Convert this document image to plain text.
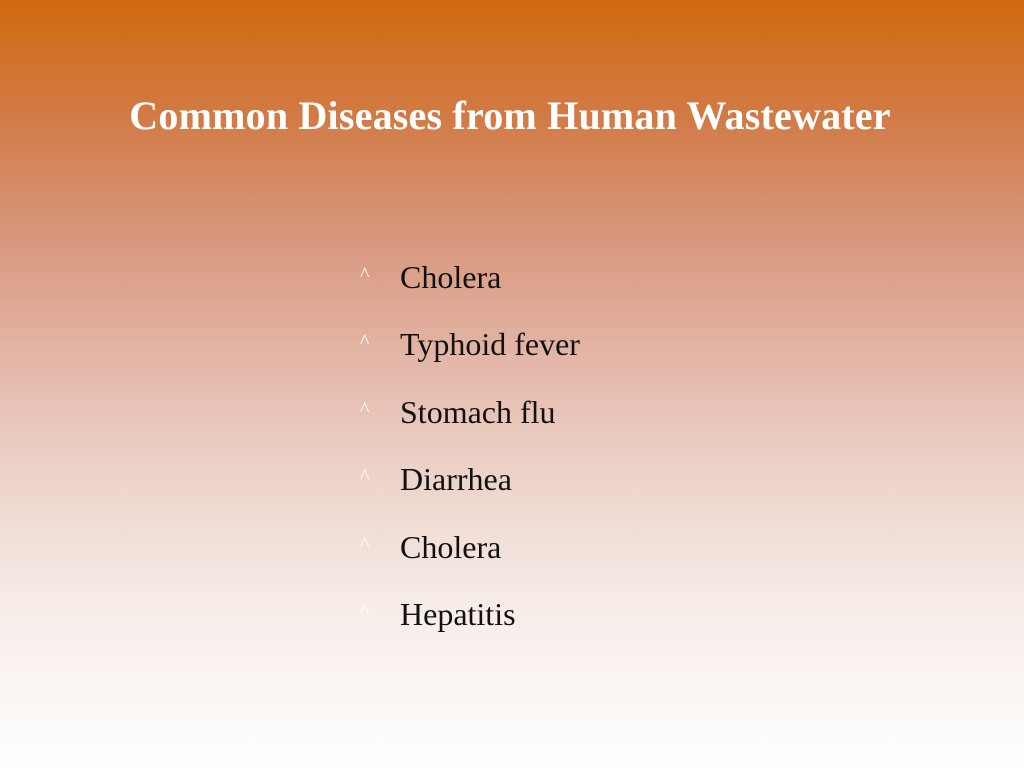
Common Diseases from Human Wastewater
^ Cholera
^ Typhoid fever
^ Stomach flu
^ Diarrhea
^ Cholera
^ Hepatitis
